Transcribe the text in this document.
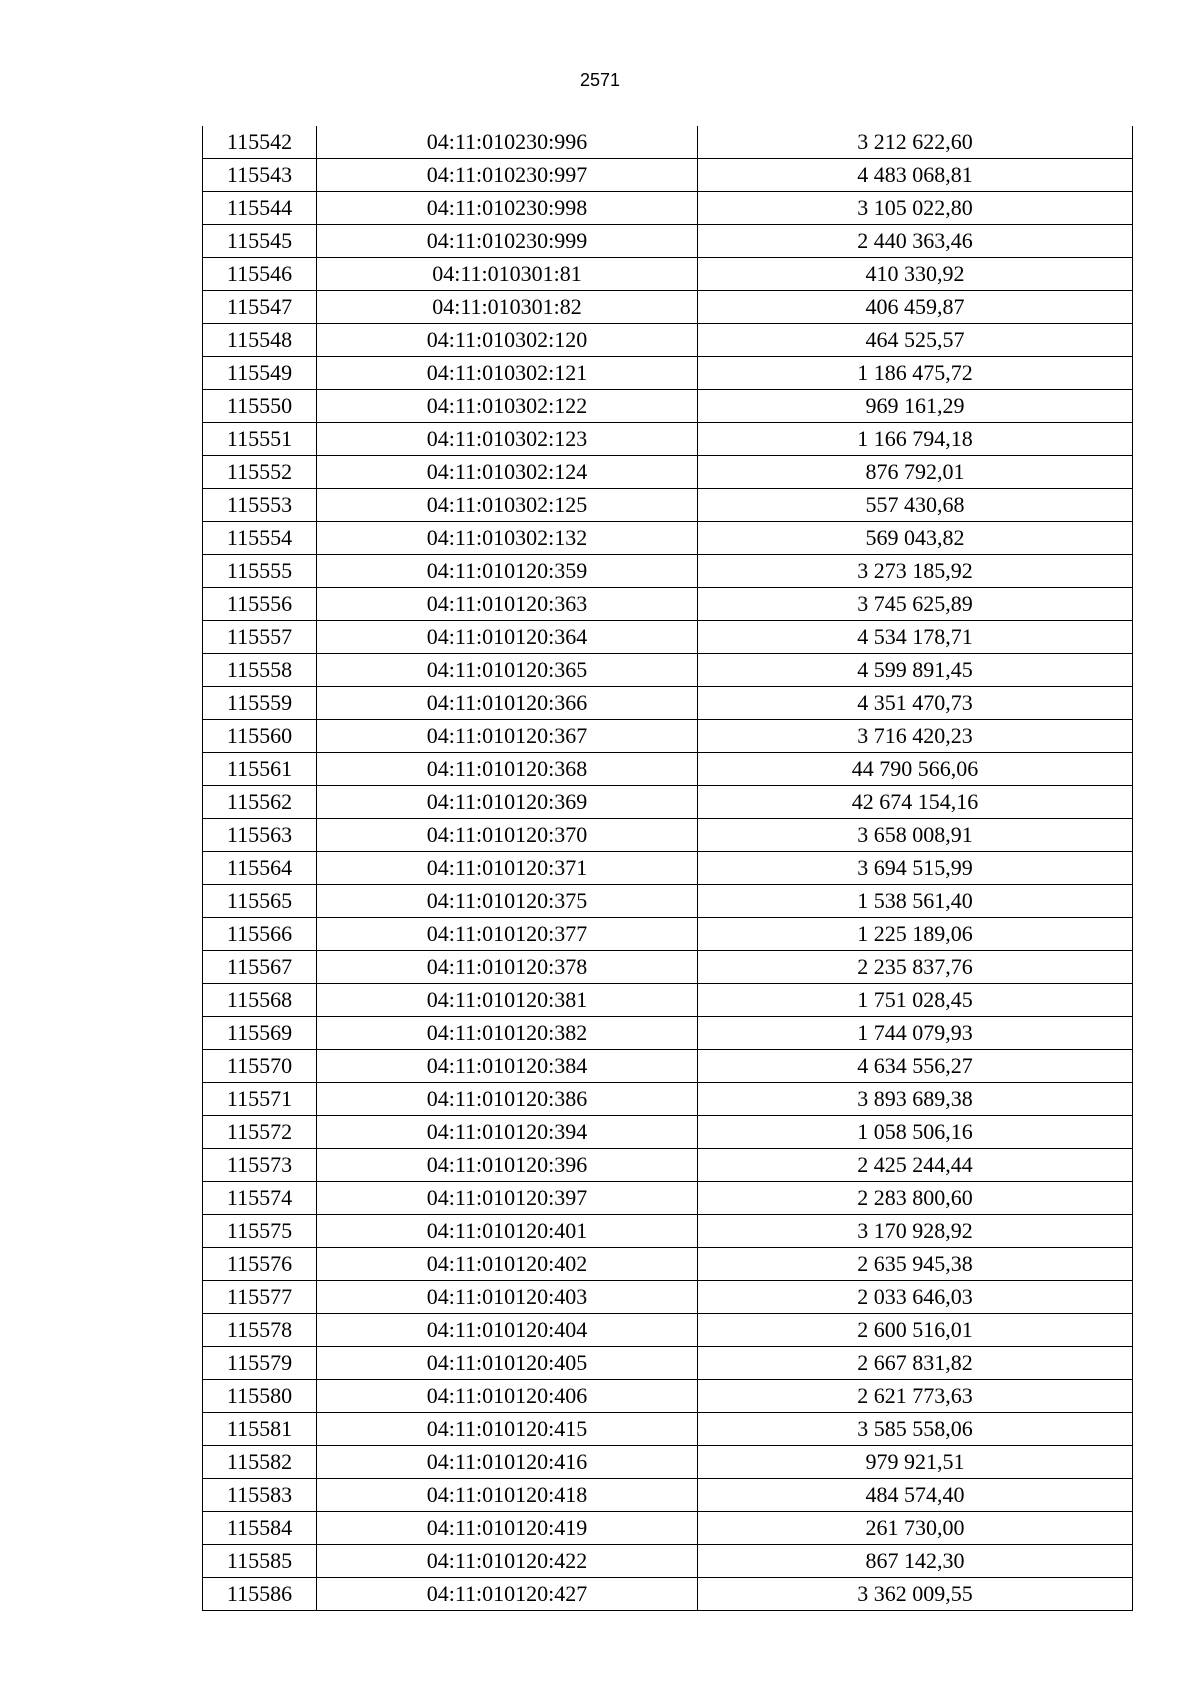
2571
115542	04:11:010230:996	3 212 622,60
115543	04:11:010230:997	4 483 068,81
115544	04:11:010230:998	3 105 022,80
115545	04:11:010230:999	2 440 363,46
115546	04:11:010301:81	410 330,92
115547	04:11:010301:82	406 459,87
115548	04:11:010302:120	464 525,57
115549	04:11:010302:121	1 186 475,72
115550	04:11:010302:122	969 161,29
115551	04:11:010302:123	1 166 794,18
115552	04:11:010302:124	876 792,01
115553	04:11:010302:125	557 430,68
115554	04:11:010302:132	569 043,82
115555	04:11:010120:359	3 273 185,92
115556	04:11:010120:363	3 745 625,89
115557	04:11:010120:364	4 534 178,71
115558	04:11:010120:365	4 599 891,45
115559	04:11:010120:366	4 351 470,73
115560	04:11:010120:367	3 716 420,23
115561	04:11:010120:368	44 790 566,06
115562	04:11:010120:369	42 674 154,16
115563	04:11:010120:370	3 658 008,91
115564	04:11:010120:371	3 694 515,99
115565	04:11:010120:375	1 538 561,40
115566	04:11:010120:377	1 225 189,06
115567	04:11:010120:378	2 235 837,76
115568	04:11:010120:381	1 751 028,45
115569	04:11:010120:382	1 744 079,93
115570	04:11:010120:384	4 634 556,27
115571	04:11:010120:386	3 893 689,38
115572	04:11:010120:394	1 058 506,16
115573	04:11:010120:396	2 425 244,44
115574	04:11:010120:397	2 283 800,60
115575	04:11:010120:401	3 170 928,92
115576	04:11:010120:402	2 635 945,38
115577	04:11:010120:403	2 033 646,03
115578	04:11:010120:404	2 600 516,01
115579	04:11:010120:405	2 667 831,82
115580	04:11:010120:406	2 621 773,63
115581	04:11:010120:415	3 585 558,06
115582	04:11:010120:416	979 921,51
115583	04:11:010120:418	484 574,40
115584	04:11:010120:419	261 730,00
115585	04:11:010120:422	867 142,30
115586	04:11:010120:427	3 362 009,55
